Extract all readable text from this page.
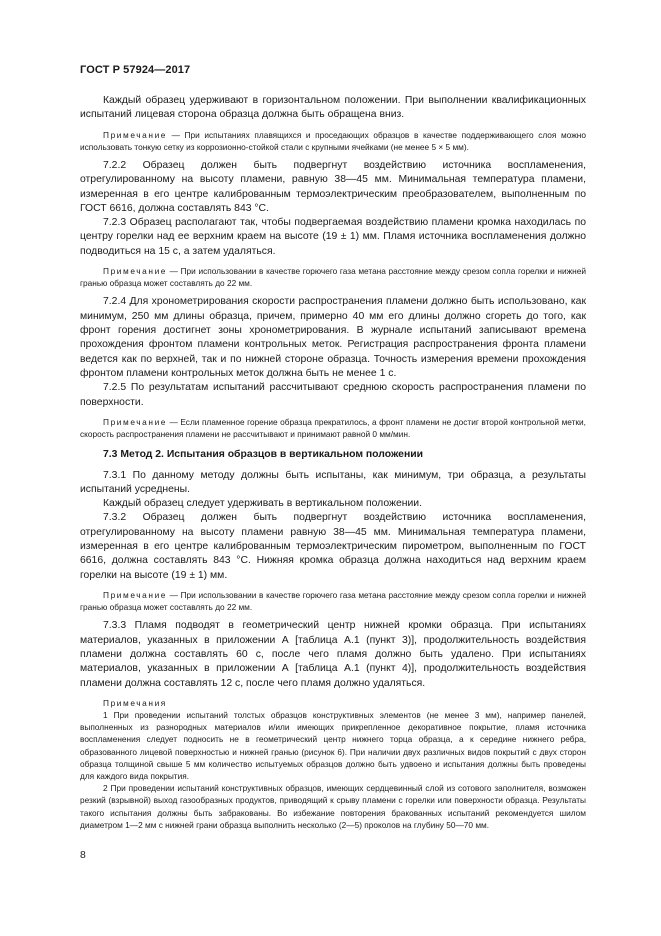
ГОСТ Р 57924—2017

Каждый образец удерживают в горизонтальном положении. При выполнении квалификационных испытаний лицевая сторона образца должна быть обращена вниз.

Примечание — При испытаниях плавящихся и проседающих образцов в качестве поддерживающего слоя можно использовать тонкую сетку из коррозионно-стойкой стали с крупными ячейками (не менее 5 × 5 мм).

7.2.2 Образец должен быть подвергнут воздействию источника воспламенения, отрегулированному на высоту пламени, равную 38—45 мм. Минимальная температура пламени, измеренная в его центре калиброванным термоэлектрическим преобразователем, выполненным по ГОСТ 6616, должна составлять 843 °С.

7.2.3 Образец располагают так, чтобы подвергаемая воздействию пламени кромка находилась по центру горелки над ее верхним краем на высоте (19 ± 1) мм. Пламя источника воспламенения должно подводиться на 15 с, а затем удаляться.

Примечание — При использовании в качестве горючего газа метана расстояние между срезом сопла горелки и нижней гранью образца может составлять до 22 мм.

7.2.4 Для хронометрирования скорости распространения пламени должно быть использовано, как минимум, 250 мм длины образца, причем, примерно 40 мм его длины должно сгореть до того, как фронт горения достигнет зоны хронометрирования. В журнале испытаний записывают времена прохождения фронтом пламени контрольных меток. Регистрация распространения фронта пламени ведется как по верхней, так и по нижней стороне образца. Точность измерения времени прохождения фронтом пламени контрольных меток должна быть не менее 1 с.

7.2.5 По результатам испытаний рассчитывают среднюю скорость распространения пламени по поверхности.

Примечание — Если пламенное горение образца прекратилось, а фронт пламени не достиг второй контрольной метки, скорость распространения пламени не рассчитывают и принимают равной 0 мм/мин.

7.3 Метод 2. Испытания образцов в вертикальном положении

7.3.1 По данному методу должны быть испытаны, как минимум, три образца, а результаты испытаний усреднены.

Каждый образец следует удерживать в вертикальном положении.

7.3.2 Образец должен быть подвергнут воздействию источника воспламенения, отрегулированному на высоту пламени равную 38—45 мм. Минимальная температура пламени, измеренная в его центре калиброванным термоэлектрическим пирометром, выполненным по ГОСТ 6616, должна составлять 843 °С. Нижняя кромка образца должна находиться над верхним краем горелки на высоте (19 ± 1) мм.

Примечание — При использовании в качестве горючего газа метана расстояние между срезом сопла горелки и нижней гранью образца может составлять до 22 мм.

7.3.3 Пламя подводят в геометрический центр нижней кромки образца. При испытаниях материалов, указанных в приложении А [таблица А.1 (пункт 3)], продолжительность воздействия пламени должна составлять 60 с, после чего пламя должно быть удалено. При испытаниях материалов, указанных в приложении А [таблица А.1 (пункт 4)], продолжительность воздействия пламени должна составлять 12 с, после чего пламя должно удаляться.

Примечания

1 При проведении испытаний толстых образцов конструктивных элементов (не менее 3 мм), например панелей, выполненных из разнородных материалов и/или имеющих прикрепленное декоративное покрытие, пламя источника воспламенения следует подносить не в геометрический центр нижнего торца образца, а к середине нижнего ребра, образованного лицевой поверхностью и нижней гранью (рисунок 6). При наличии двух различных видов покрытий с двух сторон образца толщиной свыше 5 мм количество испытуемых образцов должно быть удвоено и испытания должны быть проведены для каждого вида покрытия.

2 При проведении испытаний конструктивных образцов, имеющих сердцевинный слой из сотового заполнителя, возможен резкий (взрывной) выход газообразных продуктов, приводящий к срыву пламени с горелки или поверхности образца. Результаты такого испытания должны быть забракованы. Во избежание повторения бракованных испытаний рекомендуется шилом диаметром 1—2 мм с нижней грани образца выполнить несколько (2—5) проколов на глубину 50—70 мм.

8
